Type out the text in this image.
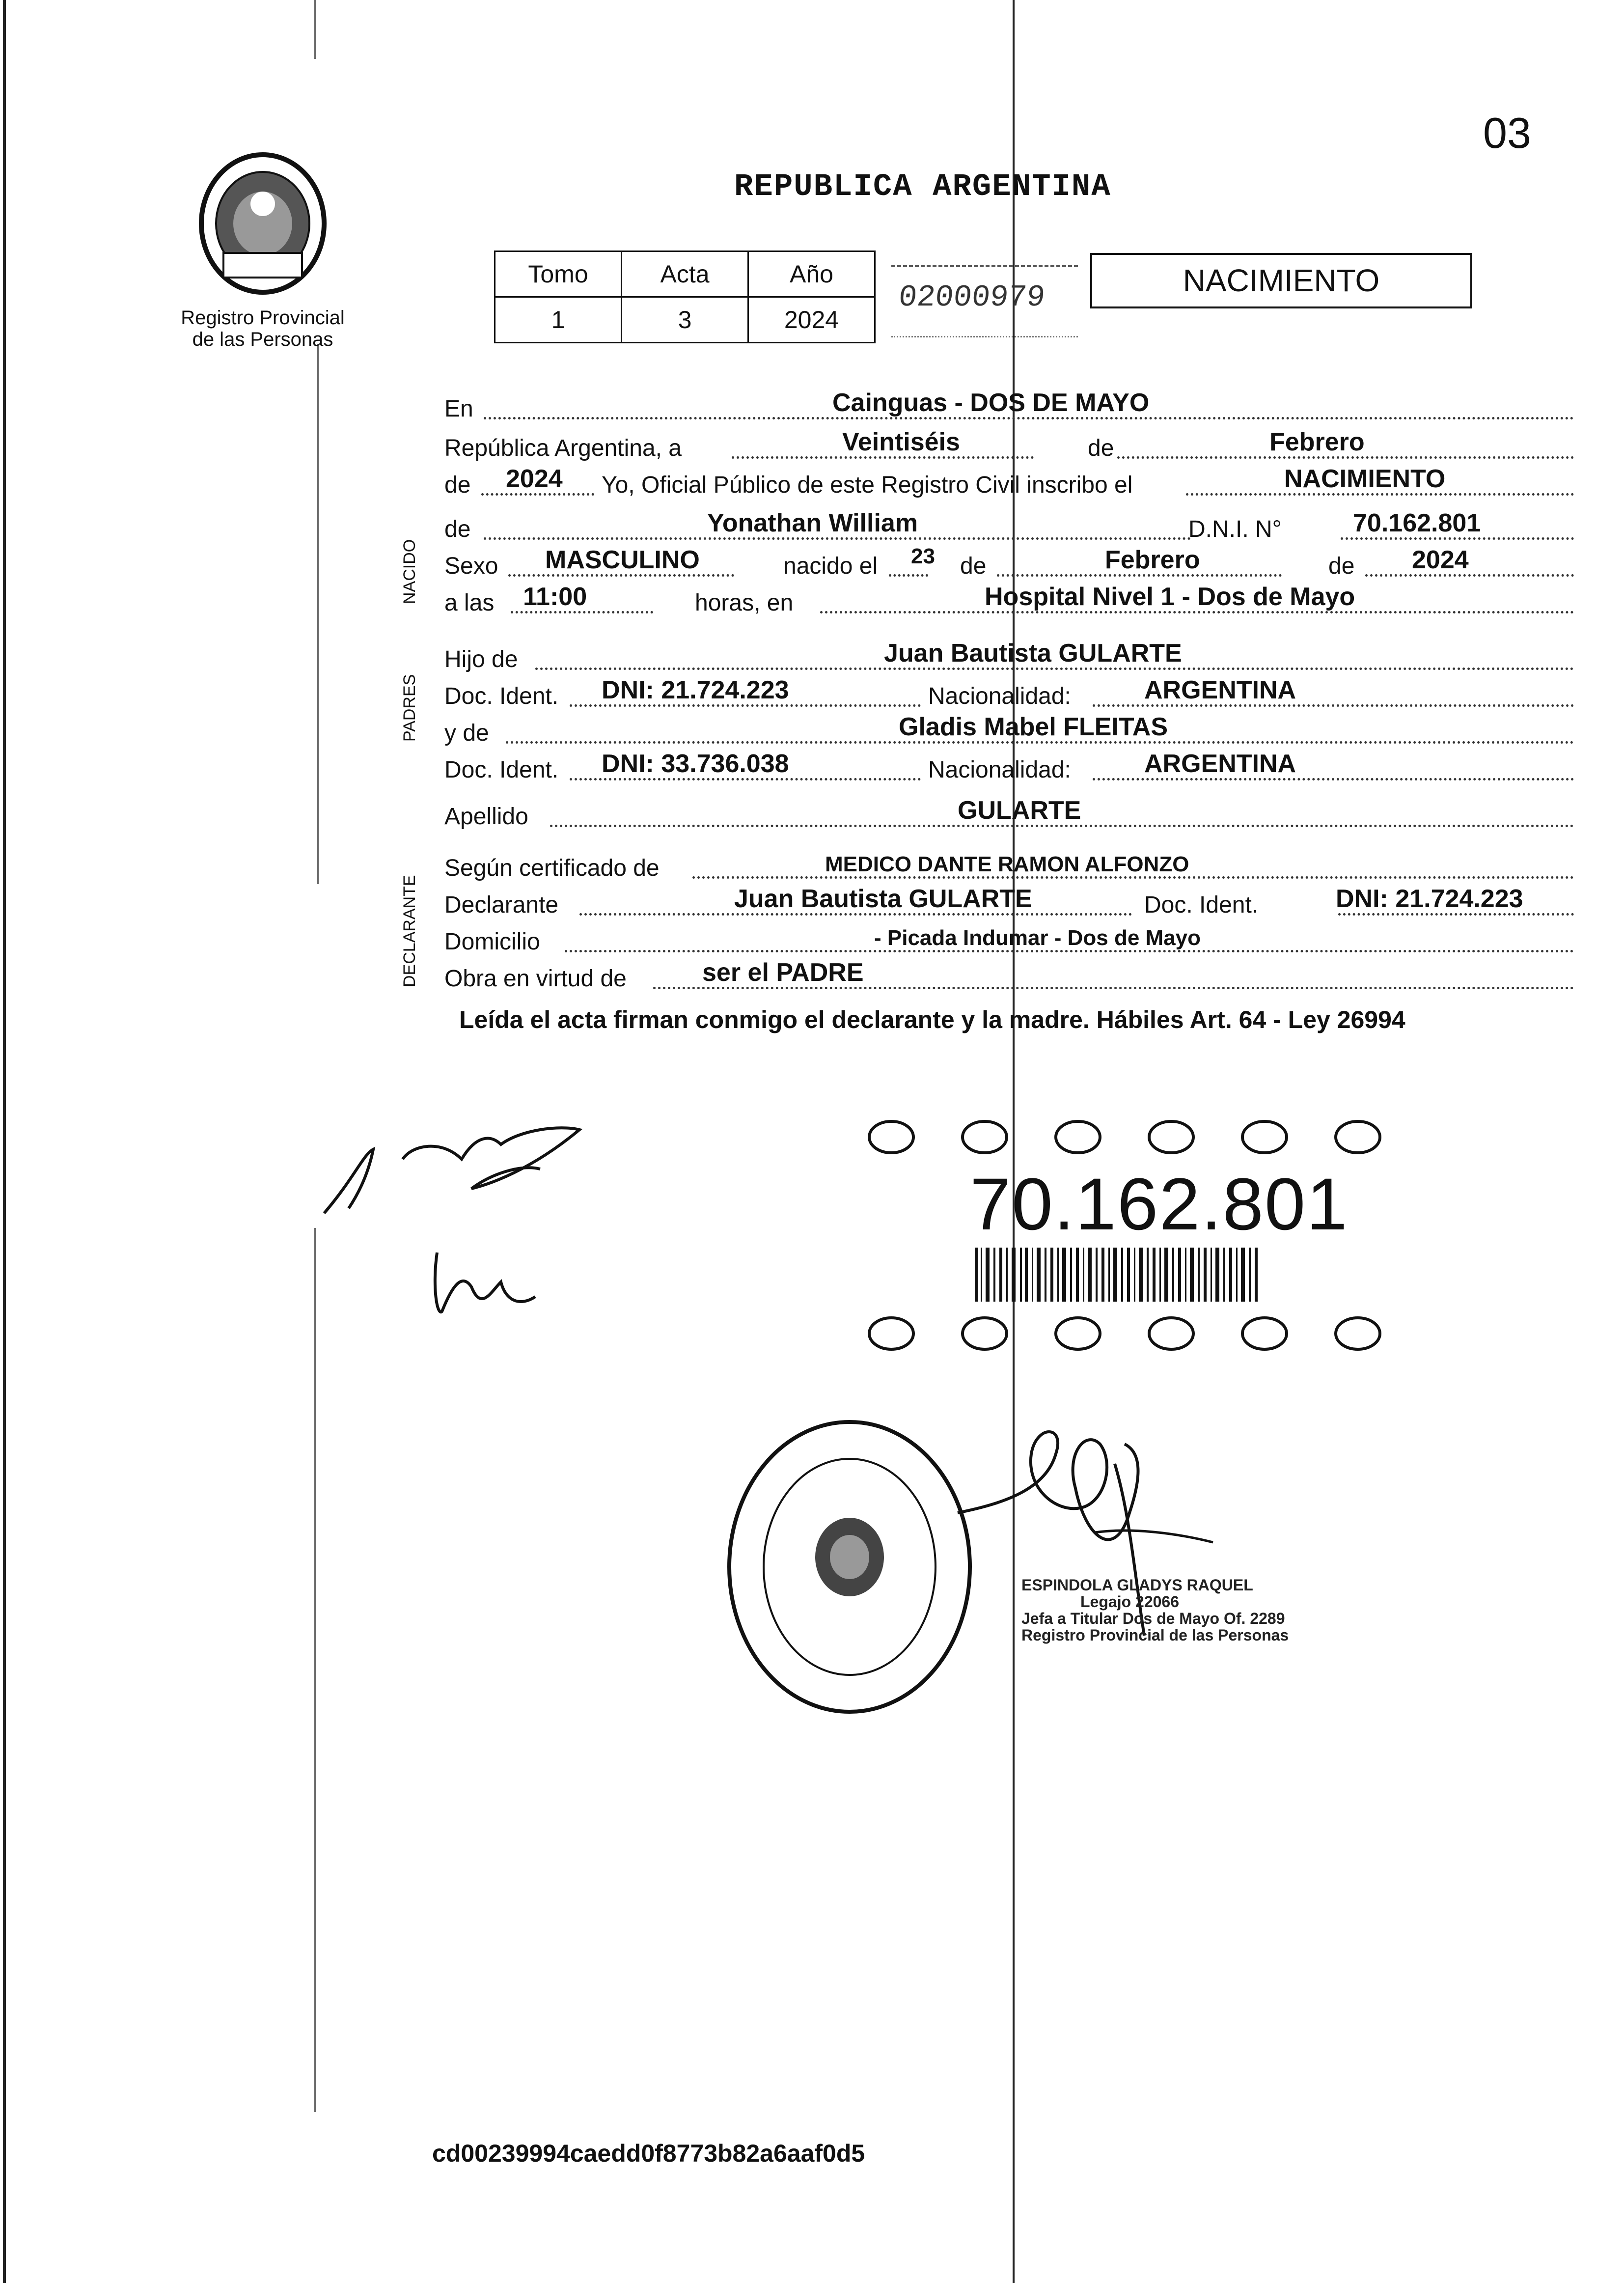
03
Registro Provincial
de las Personas
REPUBLICA ARGENTINA
Tomo	Acta	Año
1	3	2024
02000979	NACIMIENTO
NACIDO
PADRES
DECLARANTE
En	Cainguas - DOS DE MAYO
República Argentina, a	Veintiséis	de	Febrero
de 2024 Yo, Oficial Público de este Registro Civil inscribo el	NACIMIENTO
de	Yonathan William	D.N.I. N°	70.162.801
Sexo MASCULINO	nacido el 23 de	Febrero	de 2024
a las 11:00	horas, en	Hospital Nivel 1 - Dos de Mayo
Hijo de	Juan Bautista GULARTE
Doc. Ident. DNI: 21.724.223	Nacionalidad:	ARGENTINA
y de	Gladis Mabel FLEITAS
Doc. Ident. DNI: 33.736.038	Nacionalidad:	ARGENTINA
Apellido	GULARTE
Según certificado de	MEDICO DANTE RAMON ALFONZO
Declarante	Juan Bautista GULARTE	Doc. Ident.	DNI: 21.724.223
Domicilio	- Picada Indumar - Dos de Mayo
Obra en virtud de	ser el PADRE
Leída el acta firman conmigo el declarante y la madre. Hábiles Art. 64 - Ley 26994
70.162.801
ESPINDOLA GLADYS RAQUEL
Legajo 22066
Jefa a Titular Dos de Mayo Of. 2289
Registro Provincial de las Personas
cd00239994caedd0f8773b82a6aaf0d5
